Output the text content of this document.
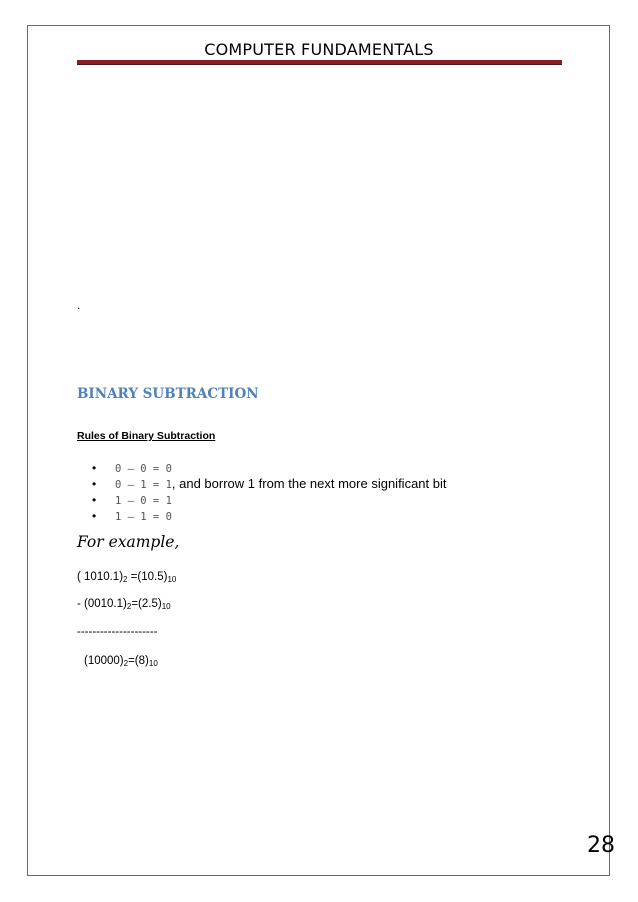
COMPUTER FUNDAMENTALS
.
BINARY SUBTRACTION
Rules of Binary Subtraction
• 0 – 0 = 0
• 0 – 1 = 1, and borrow 1 from the next more significant bit
• 1 – 0 = 1
• 1 – 1 = 0
For example,
( $1010.1)_2 =(10.5)_{10}$
- $(0010.1)_2=(2.5)_{10}$
---------------------
$(10000)_2=(8)_{10}$
28
